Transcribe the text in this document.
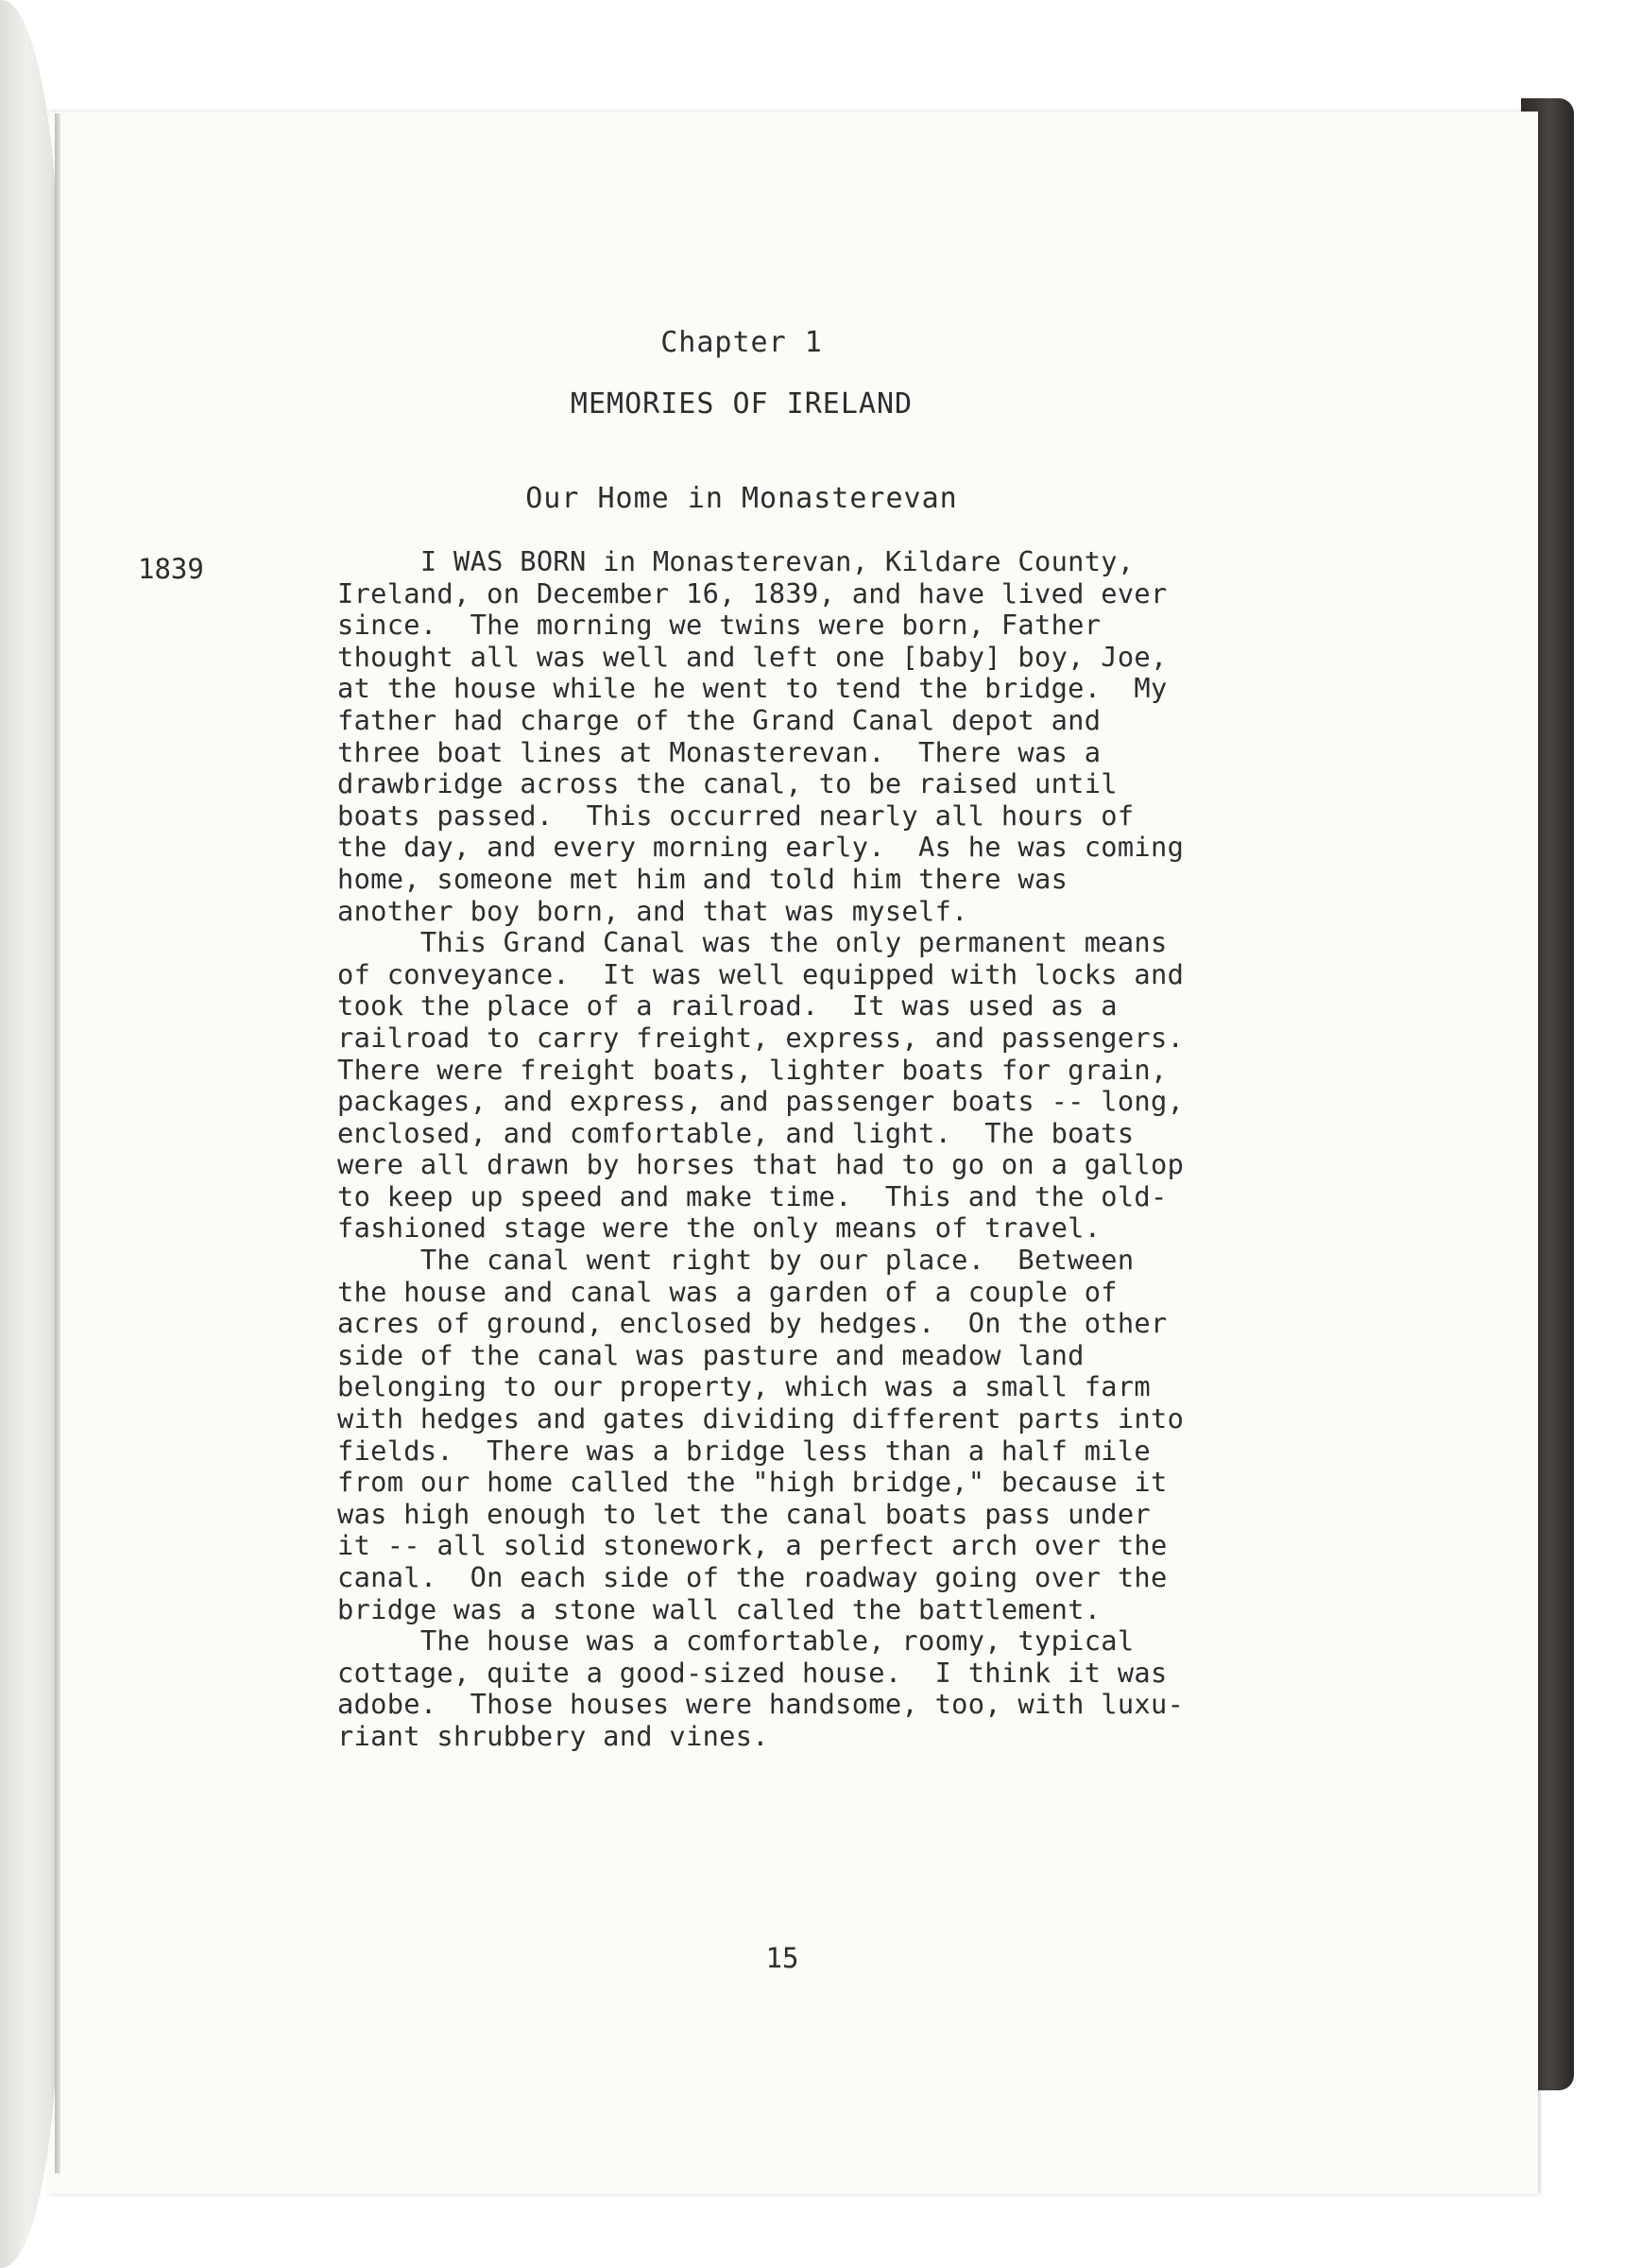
Chapter 1

MEMORIES OF IRELAND

Our Home in Monasterevan

1839	I WAS BORN in Monasterevan, Kildare County,
Ireland, on December 16, 1839, and have lived ever
since.  The morning we twins were born, Father
thought all was well and left one [baby] boy, Joe,
at the house while he went to tend the bridge.  My
father had charge of the Grand Canal depot and
three boat lines at Monasterevan.  There was a
drawbridge across the canal, to be raised until
boats passed.  This occurred nearly all hours of
the day, and every morning early.  As he was coming
home, someone met him and told him there was
another boy born, and that was myself.
This Grand Canal was the only permanent means
of conveyance.  It was well equipped with locks and
took the place of a railroad.  It was used as a
railroad to carry freight, express, and passengers.
There were freight boats, lighter boats for grain,
packages, and express, and passenger boats -- long,
enclosed, and comfortable, and light.  The boats
were all drawn by horses that had to go on a gallop
to keep up speed and make time.  This and the old-
fashioned stage were the only means of travel.
The canal went right by our place.  Between
the house and canal was a garden of a couple of
acres of ground, enclosed by hedges.  On the other
side of the canal was pasture and meadow land
belonging to our property, which was a small farm
with hedges and gates dividing different parts into
fields.  There was a bridge less than a half mile
from our home called the "high bridge," because it
was high enough to let the canal boats pass under
it -- all solid stonework, a perfect arch over the
canal.  On each side of the roadway going over the
bridge was a stone wall called the battlement.
The house was a comfortable, roomy, typical
cottage, quite a good-sized house.  I think it was
adobe.  Those houses were handsome, too, with luxu-
riant shrubbery and vines.

15
